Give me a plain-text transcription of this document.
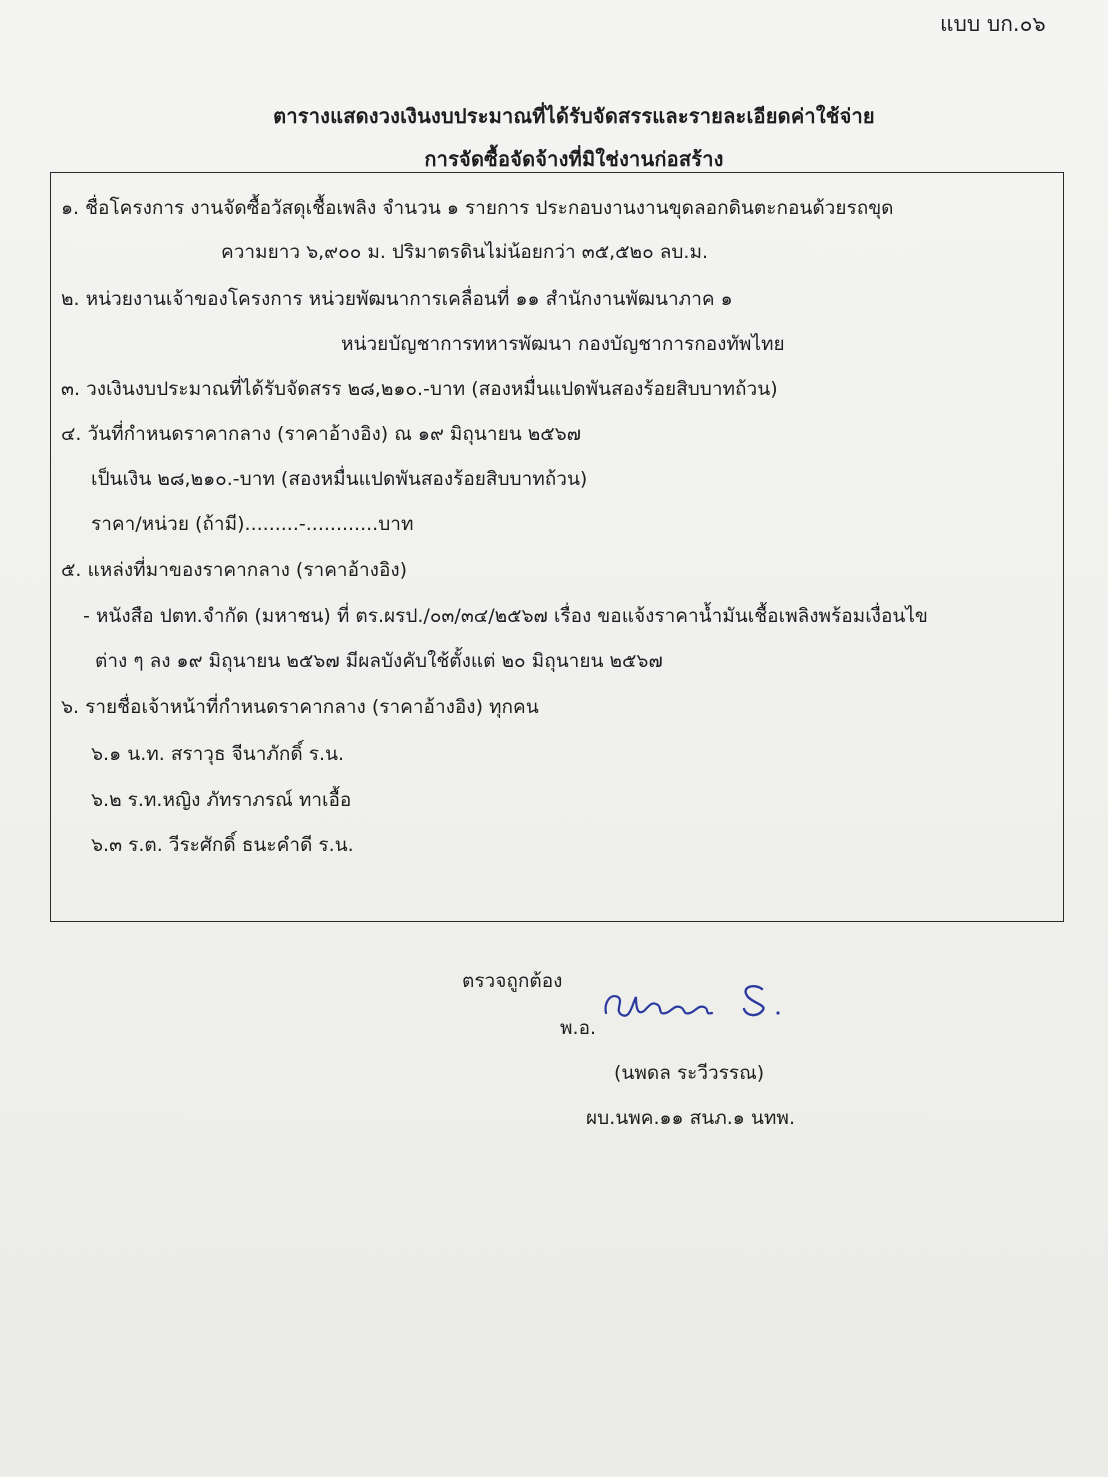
แบบ บก.๐๖
ตารางแสดงวงเงินงบประมาณที่ได้รับจัดสรรและรายละเอียดค่าใช้จ่าย
การจัดซื้อจัดจ้างที่มิใช่งานก่อสร้าง
๑. ชื่อโครงการ งานจัดซื้อวัสดุเชื้อเพลิง จำนวน ๑ รายการ ประกอบงานงานขุดลอกดินตะกอนด้วยรถขุด
ความยาว ๖,๙๐๐ ม. ปริมาตรดินไม่น้อยกว่า ๓๕,๕๒๐ ลบ.ม.
๒. หน่วยงานเจ้าของโครงการ หน่วยพัฒนาการเคลื่อนที่ ๑๑ สำนักงานพัฒนาภาค ๑
หน่วยบัญชาการทหารพัฒนา กองบัญชาการกองทัพไทย
๓. วงเงินงบประมาณที่ได้รับจัดสรร ๒๘,๒๑๐.-บาท (สองหมื่นแปดพันสองร้อยสิบบาทถ้วน)
๔. วันที่กำหนดราคากลาง (ราคาอ้างอิง) ณ ๑๙ มิถุนายน ๒๕๖๗
เป็นเงิน ๒๘,๒๑๐.-บาท (สองหมื่นแปดพันสองร้อยสิบบาทถ้วน)
ราคา/หน่วย (ถ้ามี).........-............บาท
๕. แหล่งที่มาของราคากลาง (ราคาอ้างอิง)
- หนังสือ ปตท.จำกัด (มหาชน) ที่ ตร.ผรป./๐๓/๓๔/๒๕๖๗ เรื่อง ขอแจ้งราคาน้ำมันเชื้อเพลิงพร้อมเงื่อนไข
ต่าง ๆ ลง ๑๙ มิถุนายน ๒๕๖๗ มีผลบังคับใช้ตั้งแต่ ๒๐ มิถุนายน ๒๕๖๗
๖. รายชื่อเจ้าหน้าที่กำหนดราคากลาง (ราคาอ้างอิง) ทุกคน
๖.๑ น.ท. สราวุธ จีนาภักดิ์ ร.น.
๖.๒ ร.ท.หญิง ภัทราภรณ์ ทาเอื้อ
๖.๓ ร.ต. วีระศักดิ์ ธนะคำดี ร.น.
ตรวจถูกต้อง
พ.อ.
(นพดล ระวีวรรณ)
ผบ.นพค.๑๑ สนภ.๑ นทพ.
